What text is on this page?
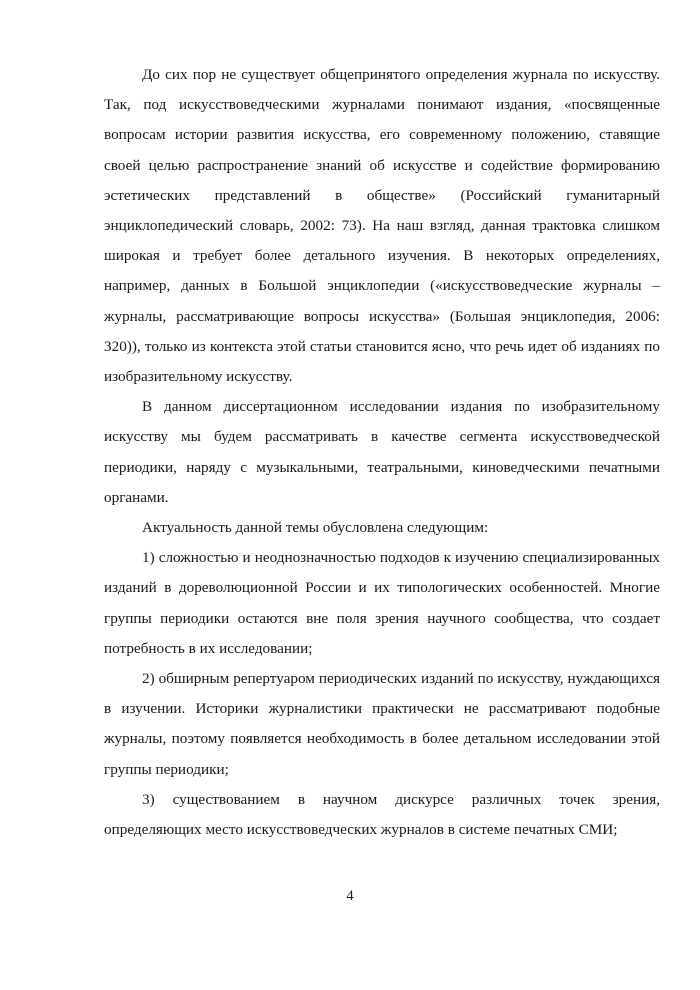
До сих пор не существует общепринятого определения журнала по искусству. Так, под искусствоведческими журналами понимают издания, «посвященные вопросам истории развития искусства, его современному положению, ставящие своей целью распространение знаний об искусстве и содействие формированию эстетических представлений в обществе» (Российский гуманитарный энциклопедический словарь, 2002: 73). На наш взгляд, данная трактовка слишком широкая и требует более детального изучения. В некоторых определениях, например, данных в Большой энциклопедии («искусствоведческие журналы – журналы, рассматривающие вопросы искусства» (Большая энциклопедия, 2006: 320)), только из контекста этой статьи становится ясно, что речь идет об изданиях по изобразительному искусству.

В данном диссертационном исследовании издания по изобразительному искусству мы будем рассматривать в качестве сегмента искусствоведческой периодики, наряду с музыкальными, театральными, киноведческими печатными органами.

Актуальность данной темы обусловлена следующим:

1) сложностью и неоднозначностью подходов к изучению специализированных изданий в дореволюционной России и их типологических особенностей. Многие группы периодики остаются вне поля зрения научного сообщества, что создает потребность в их исследовании;

2) обширным репертуаром периодических изданий по искусству, нуждающихся в изучении. Историки журналистики практически не рассматривают подобные журналы, поэтому появляется необходимость в более детальном исследовании этой группы периодики;

3) существованием в научном дискурсе различных точек зрения, определяющих место искусствоведческих журналов в системе печатных СМИ;

4
